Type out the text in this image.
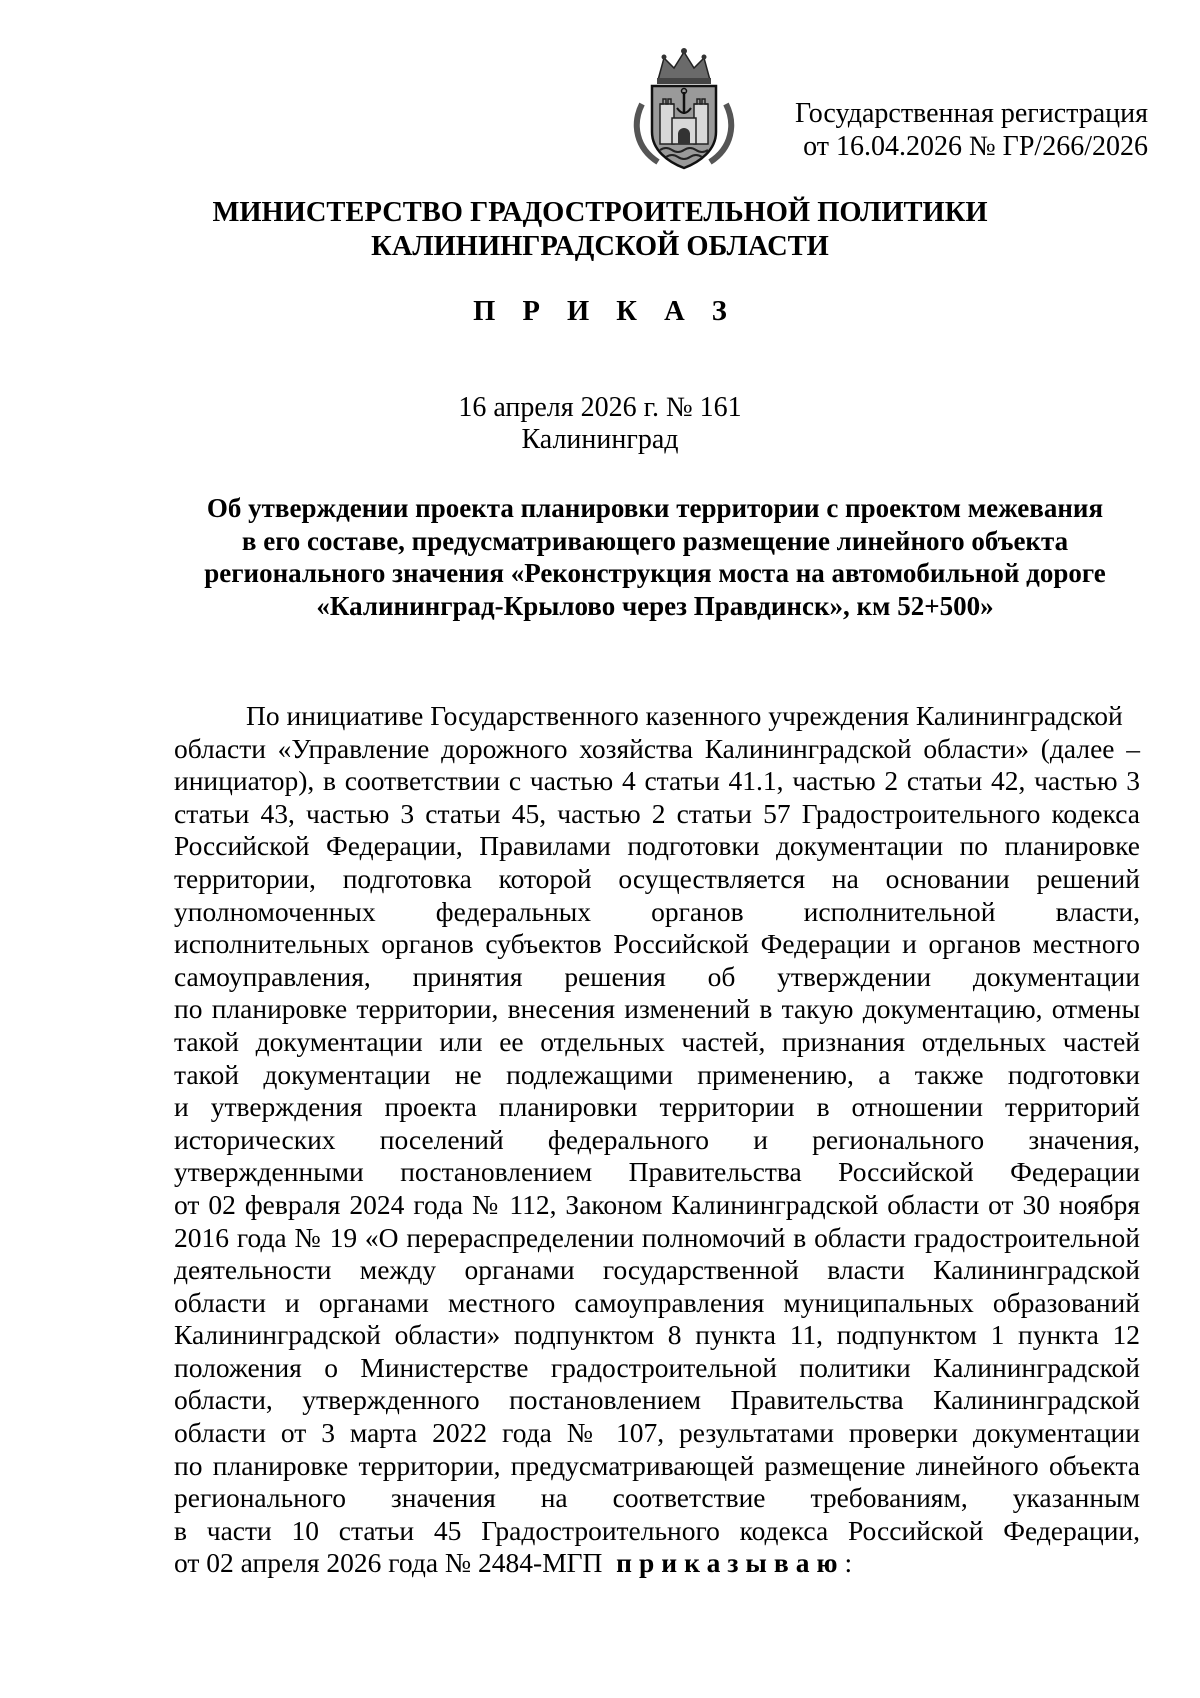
Государственная регистрация
от 16.04.2026 № ГР/266/2026
МИНИСТЕРСТВО ГРАДОСТРОИТЕЛЬНОЙ ПОЛИТИКИ
КАЛИНИНГРАДСКОЙ ОБЛАСТИ
П Р И К А З
16 апреля 2026 г. № 161
Калининград
Об утверждении проекта планировки территории с проектом межевания
в его составе, предусматривающего размещение линейного объекта
регионального значения «Реконструкция моста на автомобильной дороге
«Калининград-Крылово через Правдинск», км 52+500»
По инициативе Государственного казенного учреждения Калининградской
области «Управление дорожного хозяйства Калининградской области» (далее –
инициатор), в соответствии с частью 4 статьи 41.1, частью 2 статьи 42, частью 3
статьи 43, частью 3 статьи 45, частью 2 статьи 57 Градостроительного кодекса
Российской Федерации, Правилами подготовки документации по планировке
территории, подготовка которой осуществляется на основании решений
уполномоченных федеральных органов исполнительной власти,
исполнительных органов субъектов Российской Федерации и органов местного
самоуправления, принятия решения об утверждении документации
по планировке территории, внесения изменений в такую документацию, отмены
такой документации или ее отдельных частей, признания отдельных частей
такой документации не подлежащими применению, а также подготовки
и утверждения проекта планировки территории в отношении территорий
исторических поселений федерального и регионального значения,
утвержденными постановлением Правительства Российской Федерации
от 02 февраля 2024 года № 112, Законом Калининградской области от 30 ноября
2016 года № 19 «О перераспределении полномочий в области градостроительной
деятельности между органами государственной власти Калининградской
области и органами местного самоуправления муниципальных образований
Калининградской области» подпунктом 8 пункта 11, подпунктом 1 пункта 12
положения о Министерстве градостроительной политики Калининградской
области, утвержденного постановлением Правительства Калининградской
области от 3 марта 2022 года № 107, результатами проверки документации
по планировке территории, предусматривающей размещение линейного объекта
регионального значения на соответствие требованиям, указанным
в части 10 статьи 45 Градостроительного кодекса Российской Федерации,
от 02 апреля 2026 года № 2484-МГП приказываю:
